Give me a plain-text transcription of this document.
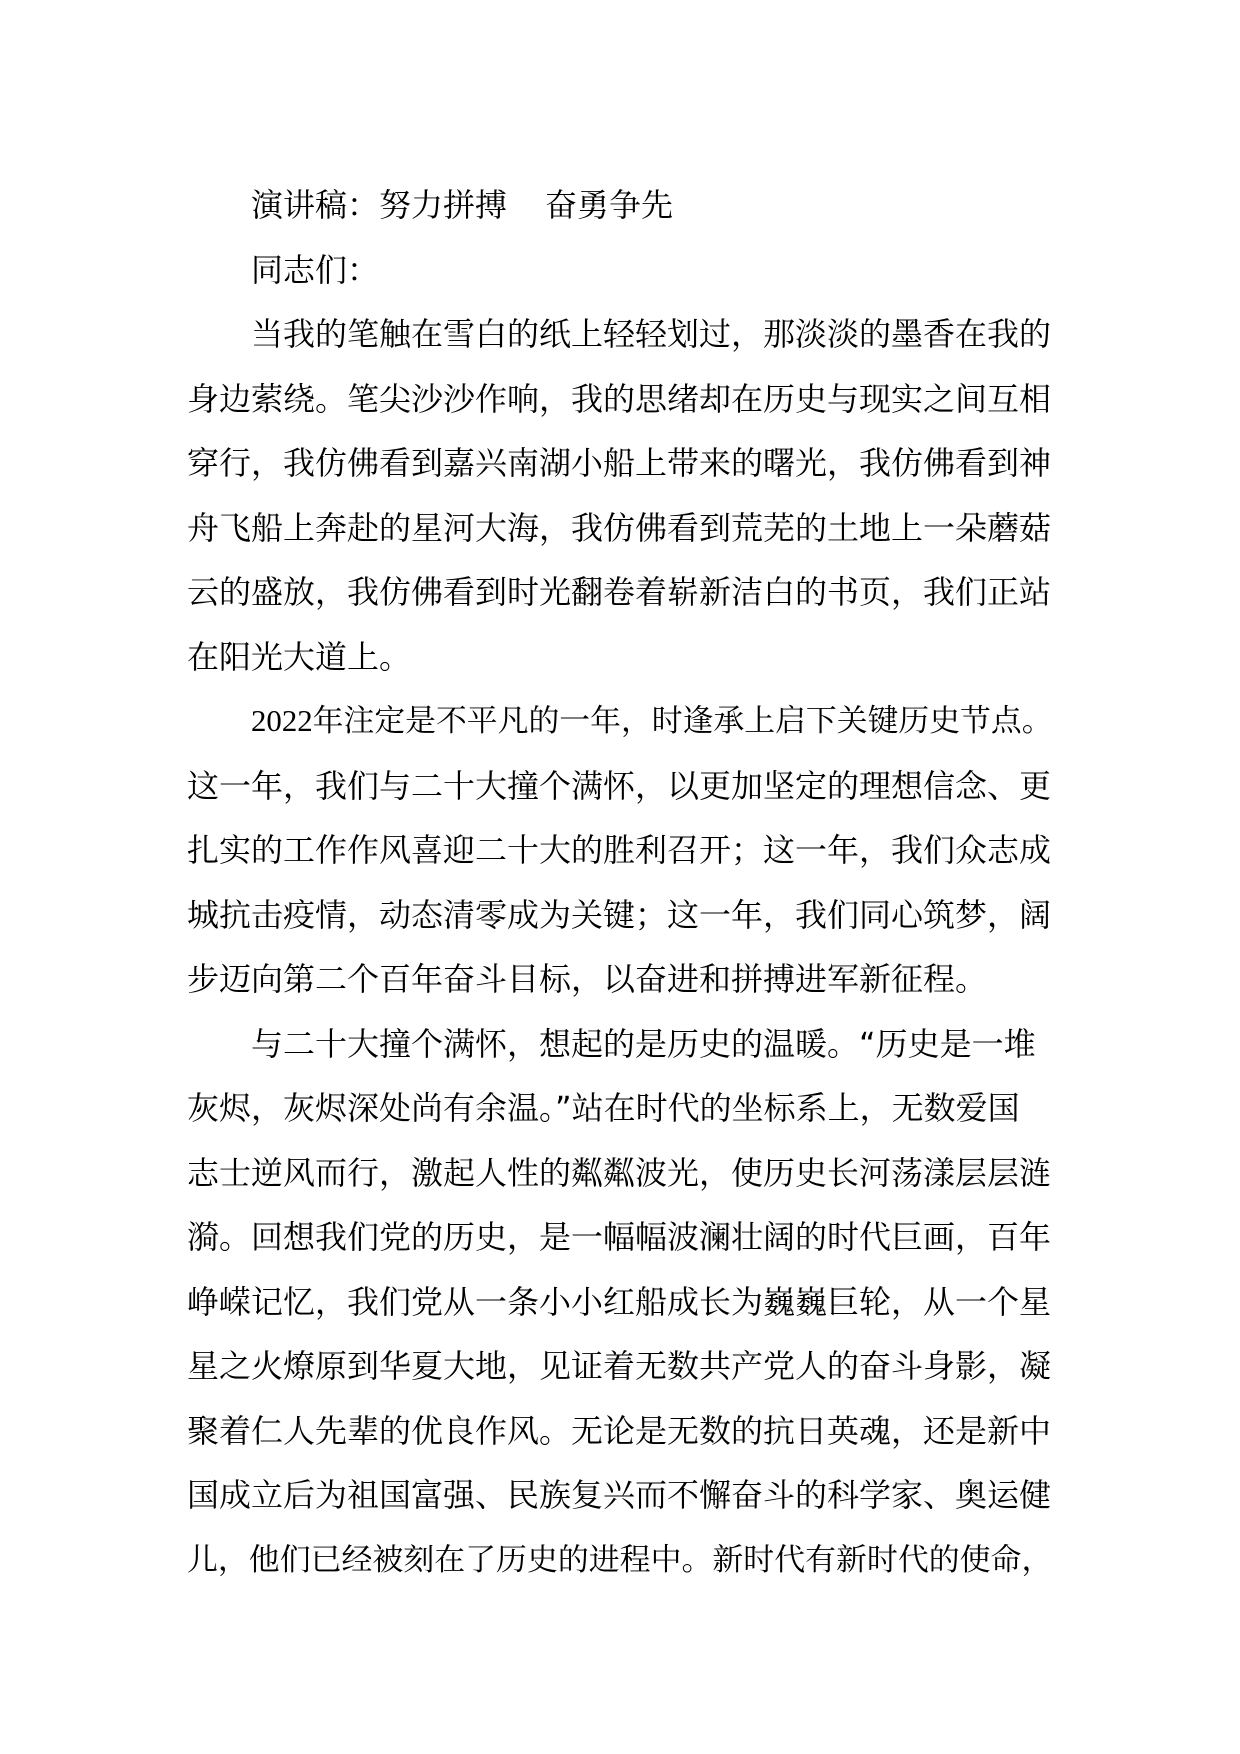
演讲稿：努力拼搏 奋勇争先
同志们：
当我的笔触在雪白的纸上轻轻划过，那淡淡的墨香在我的
身边萦绕。笔尖沙沙作响，我的思绪却在历史与现实之间互相
穿行，我仿佛看到嘉兴南湖小船上带来的曙光，我仿佛看到神
舟飞船上奔赴的星河大海，我仿佛看到荒芜的土地上一朵蘑菇
云的盛放，我仿佛看到时光翻卷着崭新洁白的书页，我们正站
在阳光大道上。
2022年注定是不平凡的一年，时逢承上启下关键历史节点。
这一年，我们与二十大撞个满怀，以更加坚定的理想信念、更
扎实的工作作风喜迎二十大的胜利召开；这一年，我们众志成
城抗击疫情，动态清零成为关键；这一年，我们同心筑梦，阔
步迈向第二个百年奋斗目标，以奋进和拼搏进军新征程。
与二十大撞个满怀，想起的是历史的温暖。“历史是一堆
灰烬，灰烬深处尚有余温。”站在时代的坐标系上，无数爱国
志士逆风而行，激起人性的粼粼波光，使历史长河荡漾层层涟
漪。回想我们党的历史，是一幅幅波澜壮阔的时代巨画，百年
峥嵘记忆，我们党从一条小小红船成长为巍巍巨轮，从一个星
星之火燎原到华夏大地，见证着无数共产党人的奋斗身影，凝
聚着仁人先辈的优良作风。无论是无数的抗日英魂，还是新中
国成立后为祖国富强、民族复兴而不懈奋斗的科学家、奥运健
儿，他们已经被刻在了历史的进程中。新时代有新时代的使命，
